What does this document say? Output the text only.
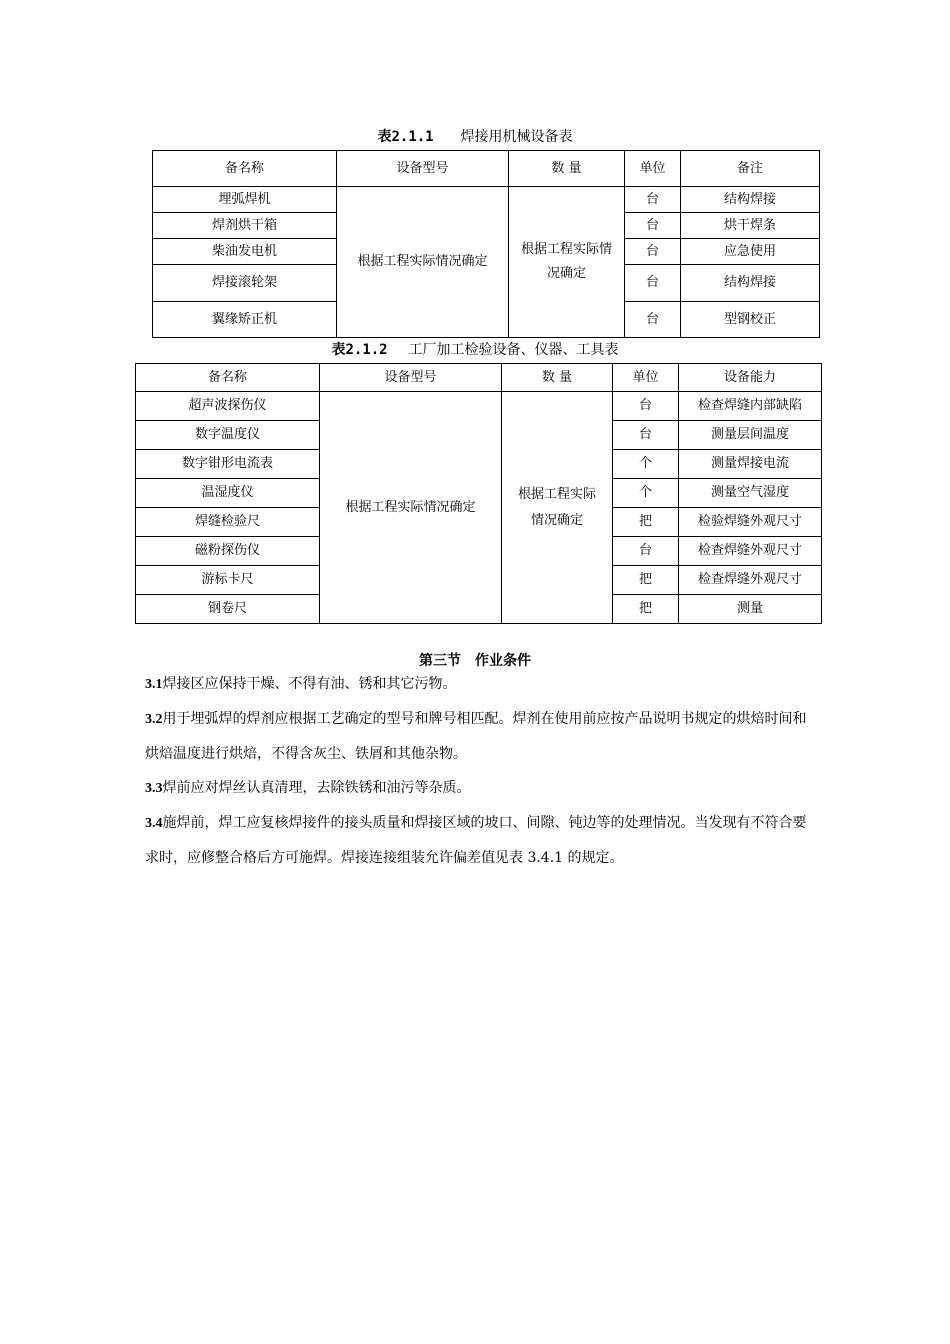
表2.1.1 焊接用机械设备表
备名称	设备型号	数 量	单位	备注
埋弧焊机	根据工程实际情况确定	根据工程实际情况确定	台	结构焊接
焊剂烘干箱			台	烘干焊条
柴油发电机			台	应急使用
焊接滚轮架			台	结构焊接
翼缘矫正机			台	型钢校正
表2.1.2 工厂加工检验设备、仪器、工具表
备名称	设备型号	数 量	单位	设备能力
超声波探伤仪	根据工程实际情况确定	根据工程实际情况确定	台	检查焊缝内部缺陷
数字温度仪			台	测量层间温度
数字钳形电流表			个	测量焊接电流
温湿度仪			个	测量空气湿度
焊缝检验尺			把	检验焊缝外观尺寸
磁粉探伤仪			台	检查焊缝外观尺寸
游标卡尺			把	检查焊缝外观尺寸
钢卷尺			把	测量
第三节　作业条件

3.1焊接区应保持干燥、不得有油、锈和其它污物。

3.2用于埋弧焊的焊剂应根据工艺确定的型号和牌号相匹配。焊剂在使用前应按产品说明书规定的烘焙时间和烘焙温度进行烘焙，不得含灰尘、铁屑和其他杂物。

3.3焊前应对焊丝认真清理，去除铁锈和油污等杂质。

3.4施焊前，焊工应复核焊接件的接头质量和焊接区域的坡口、间隙、钝边等的处理情况。当发现有不符合要求时，应修整合格后方可施焊。焊接连接组装允许偏差值见表 3.4.1 的规定。
